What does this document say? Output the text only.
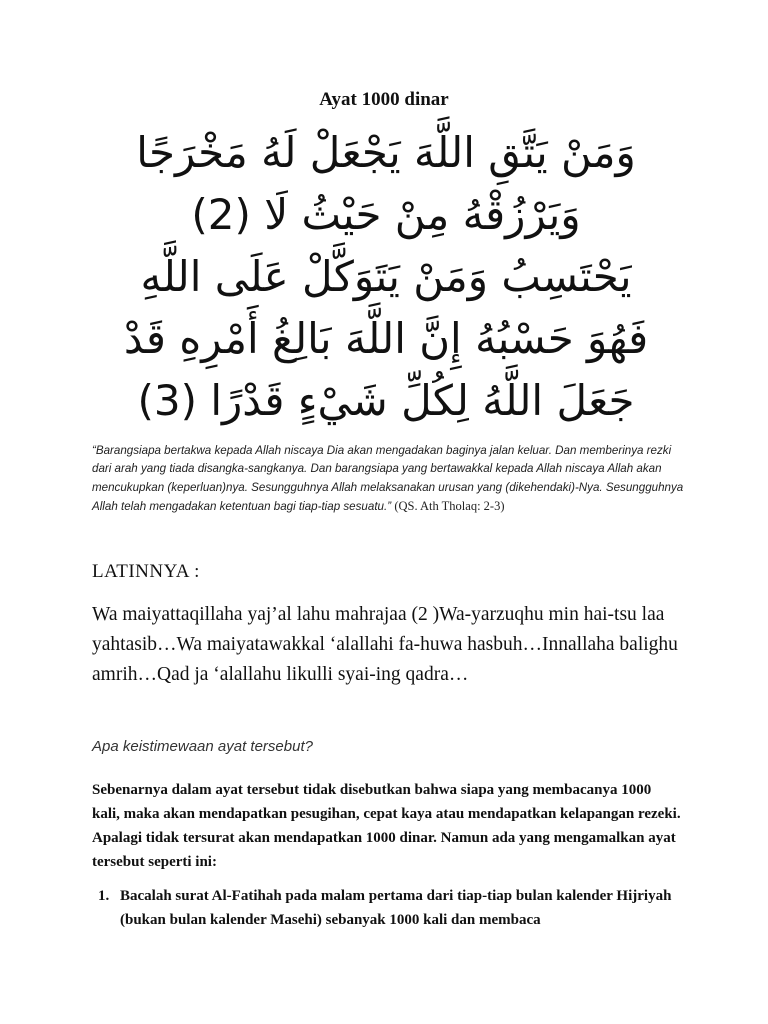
Ayat 1000 dinar
وَمَنْ يَتَّقِ اللَّهَ يَجْعَلْ لَهُ مَخْرَجًا
وَيَرْزُقْهُ مِنْ حَيْثُ لَا (2)
يَحْتَسِبُ وَمَنْ يَتَوَكَّلْ عَلَى اللَّهِ
فَهُوَ حَسْبُهُ إِنَّ اللَّهَ بَالِغُ أَمْرِهِ قَدْ
جَعَلَ اللَّهُ لِكُلِّ شَيْءٍ قَدْرًا (3)
“Barangsiapa bertakwa kepada Allah niscaya Dia akan mengadakan baginya jalan keluar. Dan memberinya rezki dari arah yang tiada disangka-sangkanya. Dan barangsiapa yang bertawakkal kepada Allah niscaya Allah akan mencukupkan (keperluan)nya. Sesungguhnya Allah melaksanakan urusan yang (dikehendaki)-Nya. Sesungguhnya Allah telah mengadakan ketentuan bagi tiap-tiap sesuatu.” (QS. Ath Tholaq: 2-3)
LATINNYA :
Wa maiyattaqillaha yaj’al lahu mahrajaa (2 )Wa-yarzuqhu min hai-tsu laa yahtasib…Wa maiyatawakkal ‘alallahi fa-huwa hasbuh…Innallaha balighu amrih…Qad ja ‘alallahu likulli syai-ing qadra…
Apa keistimewaan ayat tersebut?
Sebenarnya dalam ayat tersebut tidak disebutkan bahwa siapa yang membacanya 1000 kali, maka akan mendapatkan pesugihan, cepat kaya atau mendapatkan kelapangan rezeki. Apalagi tidak tersurat akan mendapatkan 1000 dinar. Namun ada yang mengamalkan ayat tersebut seperti ini:
1. Bacalah surat Al-Fatihah pada malam pertama dari tiap-tiap bulan kalender Hijriyah (bukan bulan kalender Masehi) sebanyak 1000 kali dan membaca
